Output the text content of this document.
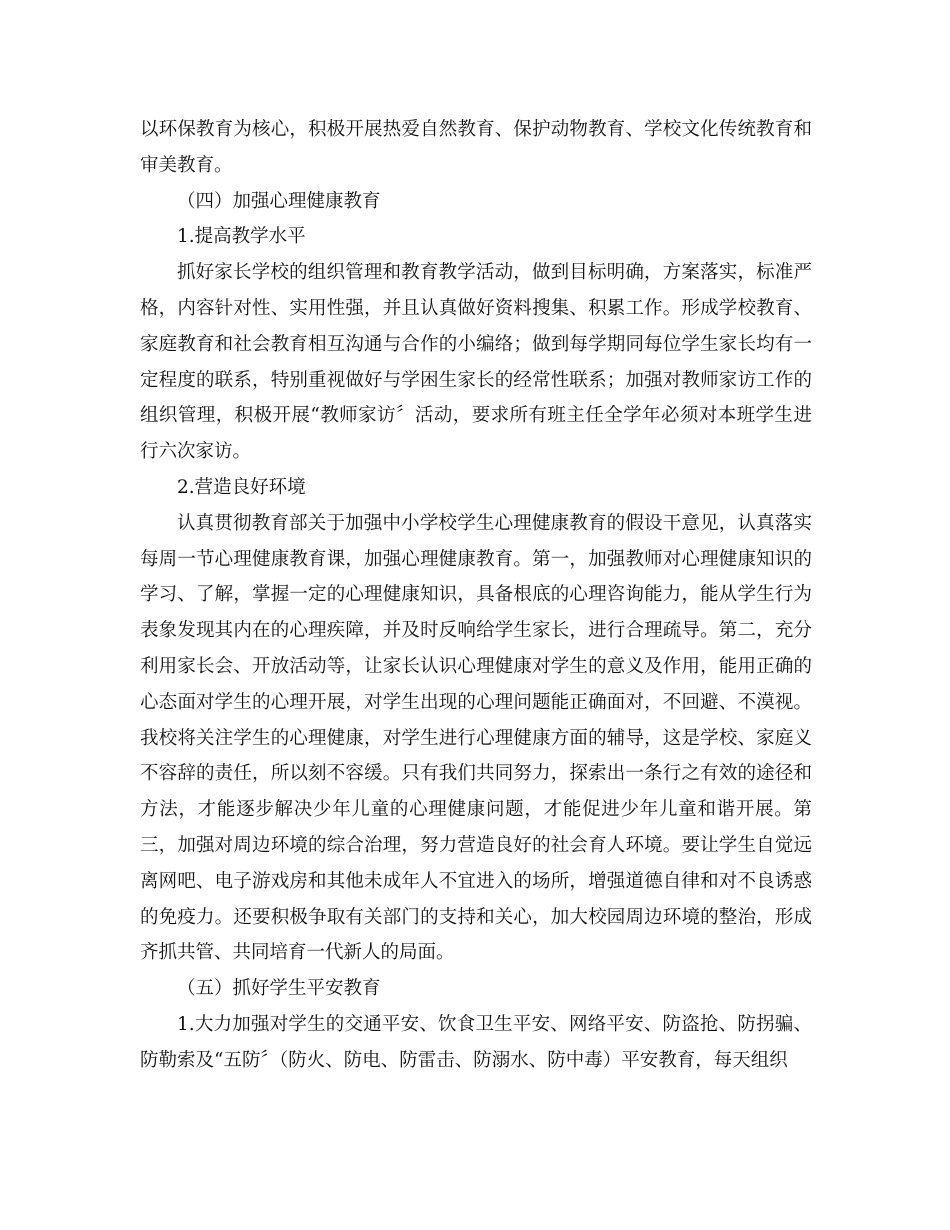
以环保教育为核心，积极开展热爱自然教育、保护动物教育、学校文化传统教育和审美教育。

（四）加强心理健康教育

1.提高教学水平

抓好家长学校的组织管理和教育教学活动，做到目标明确，方案落实，标准严格，内容针对性、实用性强，并且认真做好资料搜集、积累工作。形成学校教育、家庭教育和社会教育相互沟通与合作的小编络；做到每学期同每位学生家长均有一定程度的联系，特别重视做好与学困生家长的经常性联系；加强对教师家访工作的组织管理，积极开展“教师家访〞活动，要求所有班主任全学年必须对本班学生进行六次家访。

2.营造良好环境

认真贯彻教育部关于加强中小学校学生心理健康教育的假设干意见，认真落实每周一节心理健康教育课，加强心理健康教育。第一，加强教师对心理健康知识的学习、了解，掌握一定的心理健康知识，具备根底的心理咨询能力，能从学生行为表象发现其内在的心理疾障，并及时反响给学生家长，进行合理疏导。第二，充分利用家长会、开放活动等，让家长认识心理健康对学生的意义及作用，能用正确的心态面对学生的心理开展，对学生出现的心理问题能正确面对，不回避、不漠视。我校将关注学生的心理健康，对学生进行心理健康方面的辅导，这是学校、家庭义不容辞的责任，所以刻不容缓。只有我们共同努力，探索出一条行之有效的途径和方法，才能逐步解决少年儿童的心理健康问题，才能促进少年儿童和谐开展。第三，加强对周边环境的综合治理，努力营造良好的社会育人环境。要让学生自觉远离网吧、电子游戏房和其他未成年人不宜进入的场所，增强道德自律和对不良诱惑的免疫力。还要积极争取有关部门的支持和关心，加大校园周边环境的整治，形成齐抓共管、共同培育一代新人的局面。

（五）抓好学生平安教育

1.大力加强对学生的交通平安、饮食卫生平安、网络平安、防盗抢、防拐骗、防勒索及“五防〞（防火、防电、防雷击、防溺水、防中毒）平安教育，每天组织
